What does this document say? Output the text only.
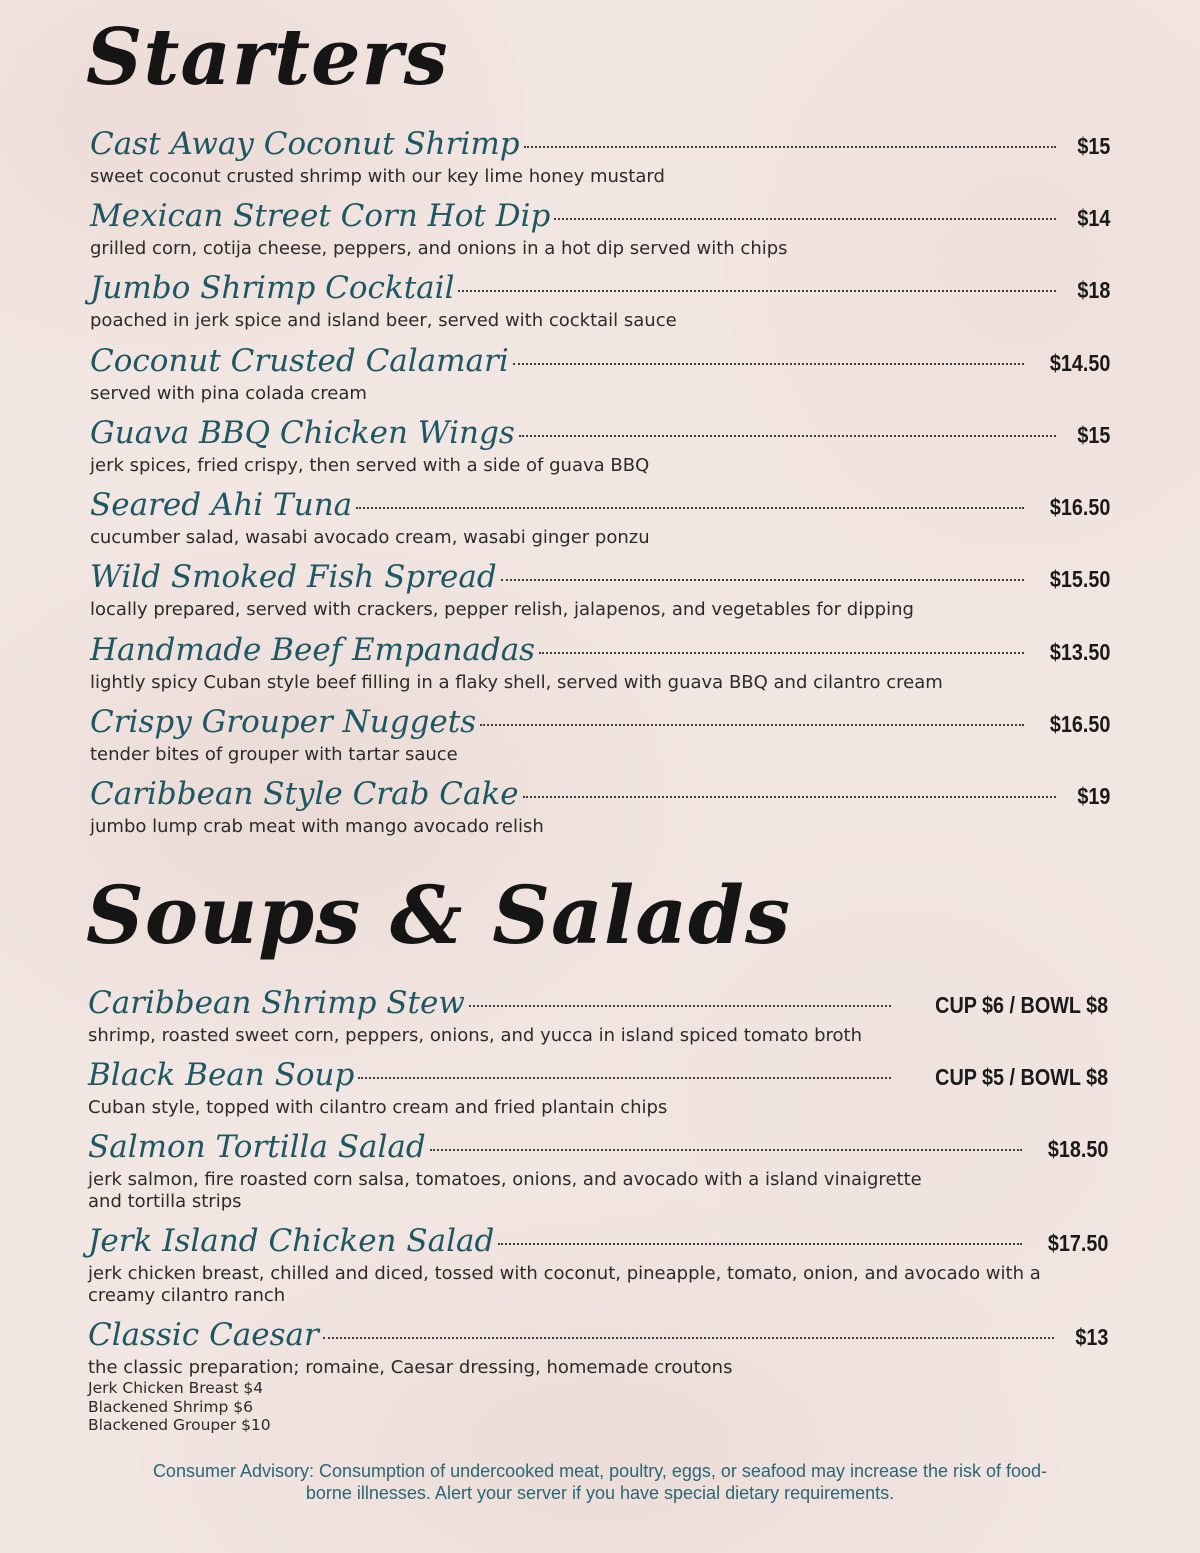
Starters
Cast Away Coconut Shrimp	$15

sweet coconut crusted shrimp with our key lime honey mustard

Mexican Street Corn Hot Dip	$14

grilled corn, cotija cheese, peppers, and onions in a hot dip served with chips

Jumbo Shrimp Cocktail	$18

poached in jerk spice and island beer, served with cocktail sauce

Coconut Crusted Calamari	$14.50

served with pina colada cream

Guava BBQ Chicken Wings	$15

jerk spices, fried crispy, then served with a side of guava BBQ

Seared Ahi Tuna	$16.50

cucumber salad, wasabi avocado cream, wasabi ginger ponzu

Wild Smoked Fish Spread	$15.50

locally prepared, served with crackers, pepper relish, jalapenos, and vegetables for dipping

Handmade Beef Empanadas	$13.50

lightly spicy Cuban style beef filling in a flaky shell, served with guava BBQ and cilantro cream

Crispy Grouper Nuggets	$16.50

tender bites of grouper with tartar sauce

Caribbean Style Crab Cake	$19

jumbo lump crab meat with mango avocado relish

Soups & Salads
Caribbean Shrimp Stew	CUP $6 / BOWL $8

shrimp, roasted sweet corn, peppers, onions, and yucca in island spiced tomato broth

Black Bean Soup	CUP $5 / BOWL $8

Cuban style, topped with cilantro cream and fried plantain chips

Salmon Tortilla Salad	$18.50

jerk salmon, fire roasted corn salsa, tomatoes, onions, and avocado with a island vinaigrette

and tortilla strips

Jerk Island Chicken Salad	$17.50

jerk chicken breast, chilled and diced, tossed with coconut, pineapple, tomato, onion, and avocado with a

creamy cilantro ranch

Classic Caesar	$13

the classic preparation; romaine, Caesar dressing, homemade croutons

Jerk Chicken Breast $4
Blackened Shrimp $6
Blackened Grouper $10
Consumer Advisory: Consumption of undercooked meat, poultry, eggs, or seafood may increase the risk of food-
borne illnesses. Alert your server if you have special dietary requirements.
